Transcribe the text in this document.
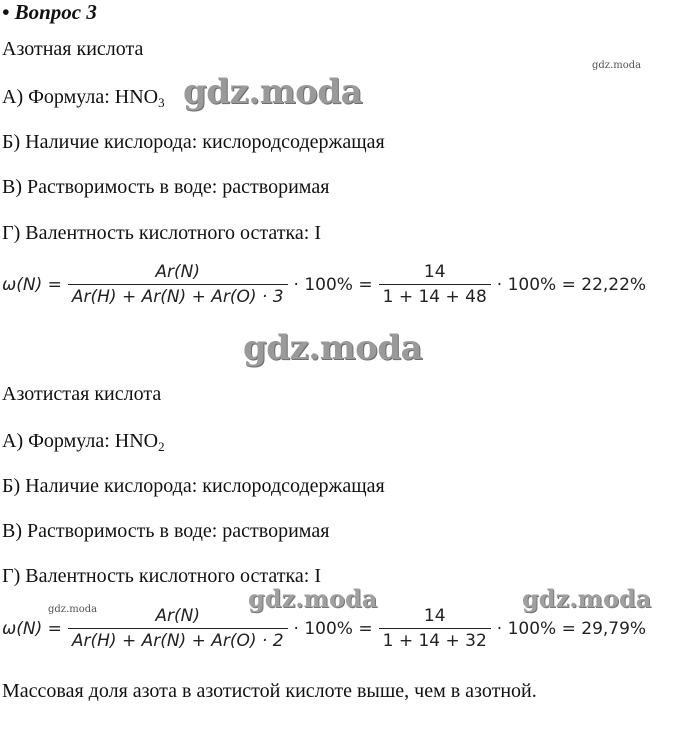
• Вопрос 3
Азотная кислота
gdz.moda
А) Формула: $HNO_3$ gdz.moda
Б) Наличие кислорода: кислородсодержащая
В) Растворимость в воде: растворимая
Г) Валентность кислотного остатка: I
$\omega(N) = \frac{Ar(N)}{Ar(H) + Ar(N) + Ar(O) \cdot 3} \cdot 100\% = \frac{14}{1 + 14 + 48} \cdot 100\% = 22,22\%$
gdz.moda
Азотистая кислота
А) Формула: $HNO_2$
Б) Наличие кислорода: кислородсодержащая
В) Растворимость в воде: растворимая
Г) Валентность кислотного остатка: I
gdz.moda	gdz.moda	gdz.moda
$\omega(N) = \frac{Ar(N)}{Ar(H) + Ar(N) + Ar(O) \cdot 2} \cdot 100\% = \frac{14}{1 + 14 + 32} \cdot 100\% = 29,79\%$
Массовая доля азота в азотистой кислоте выше, чем в азотной.
